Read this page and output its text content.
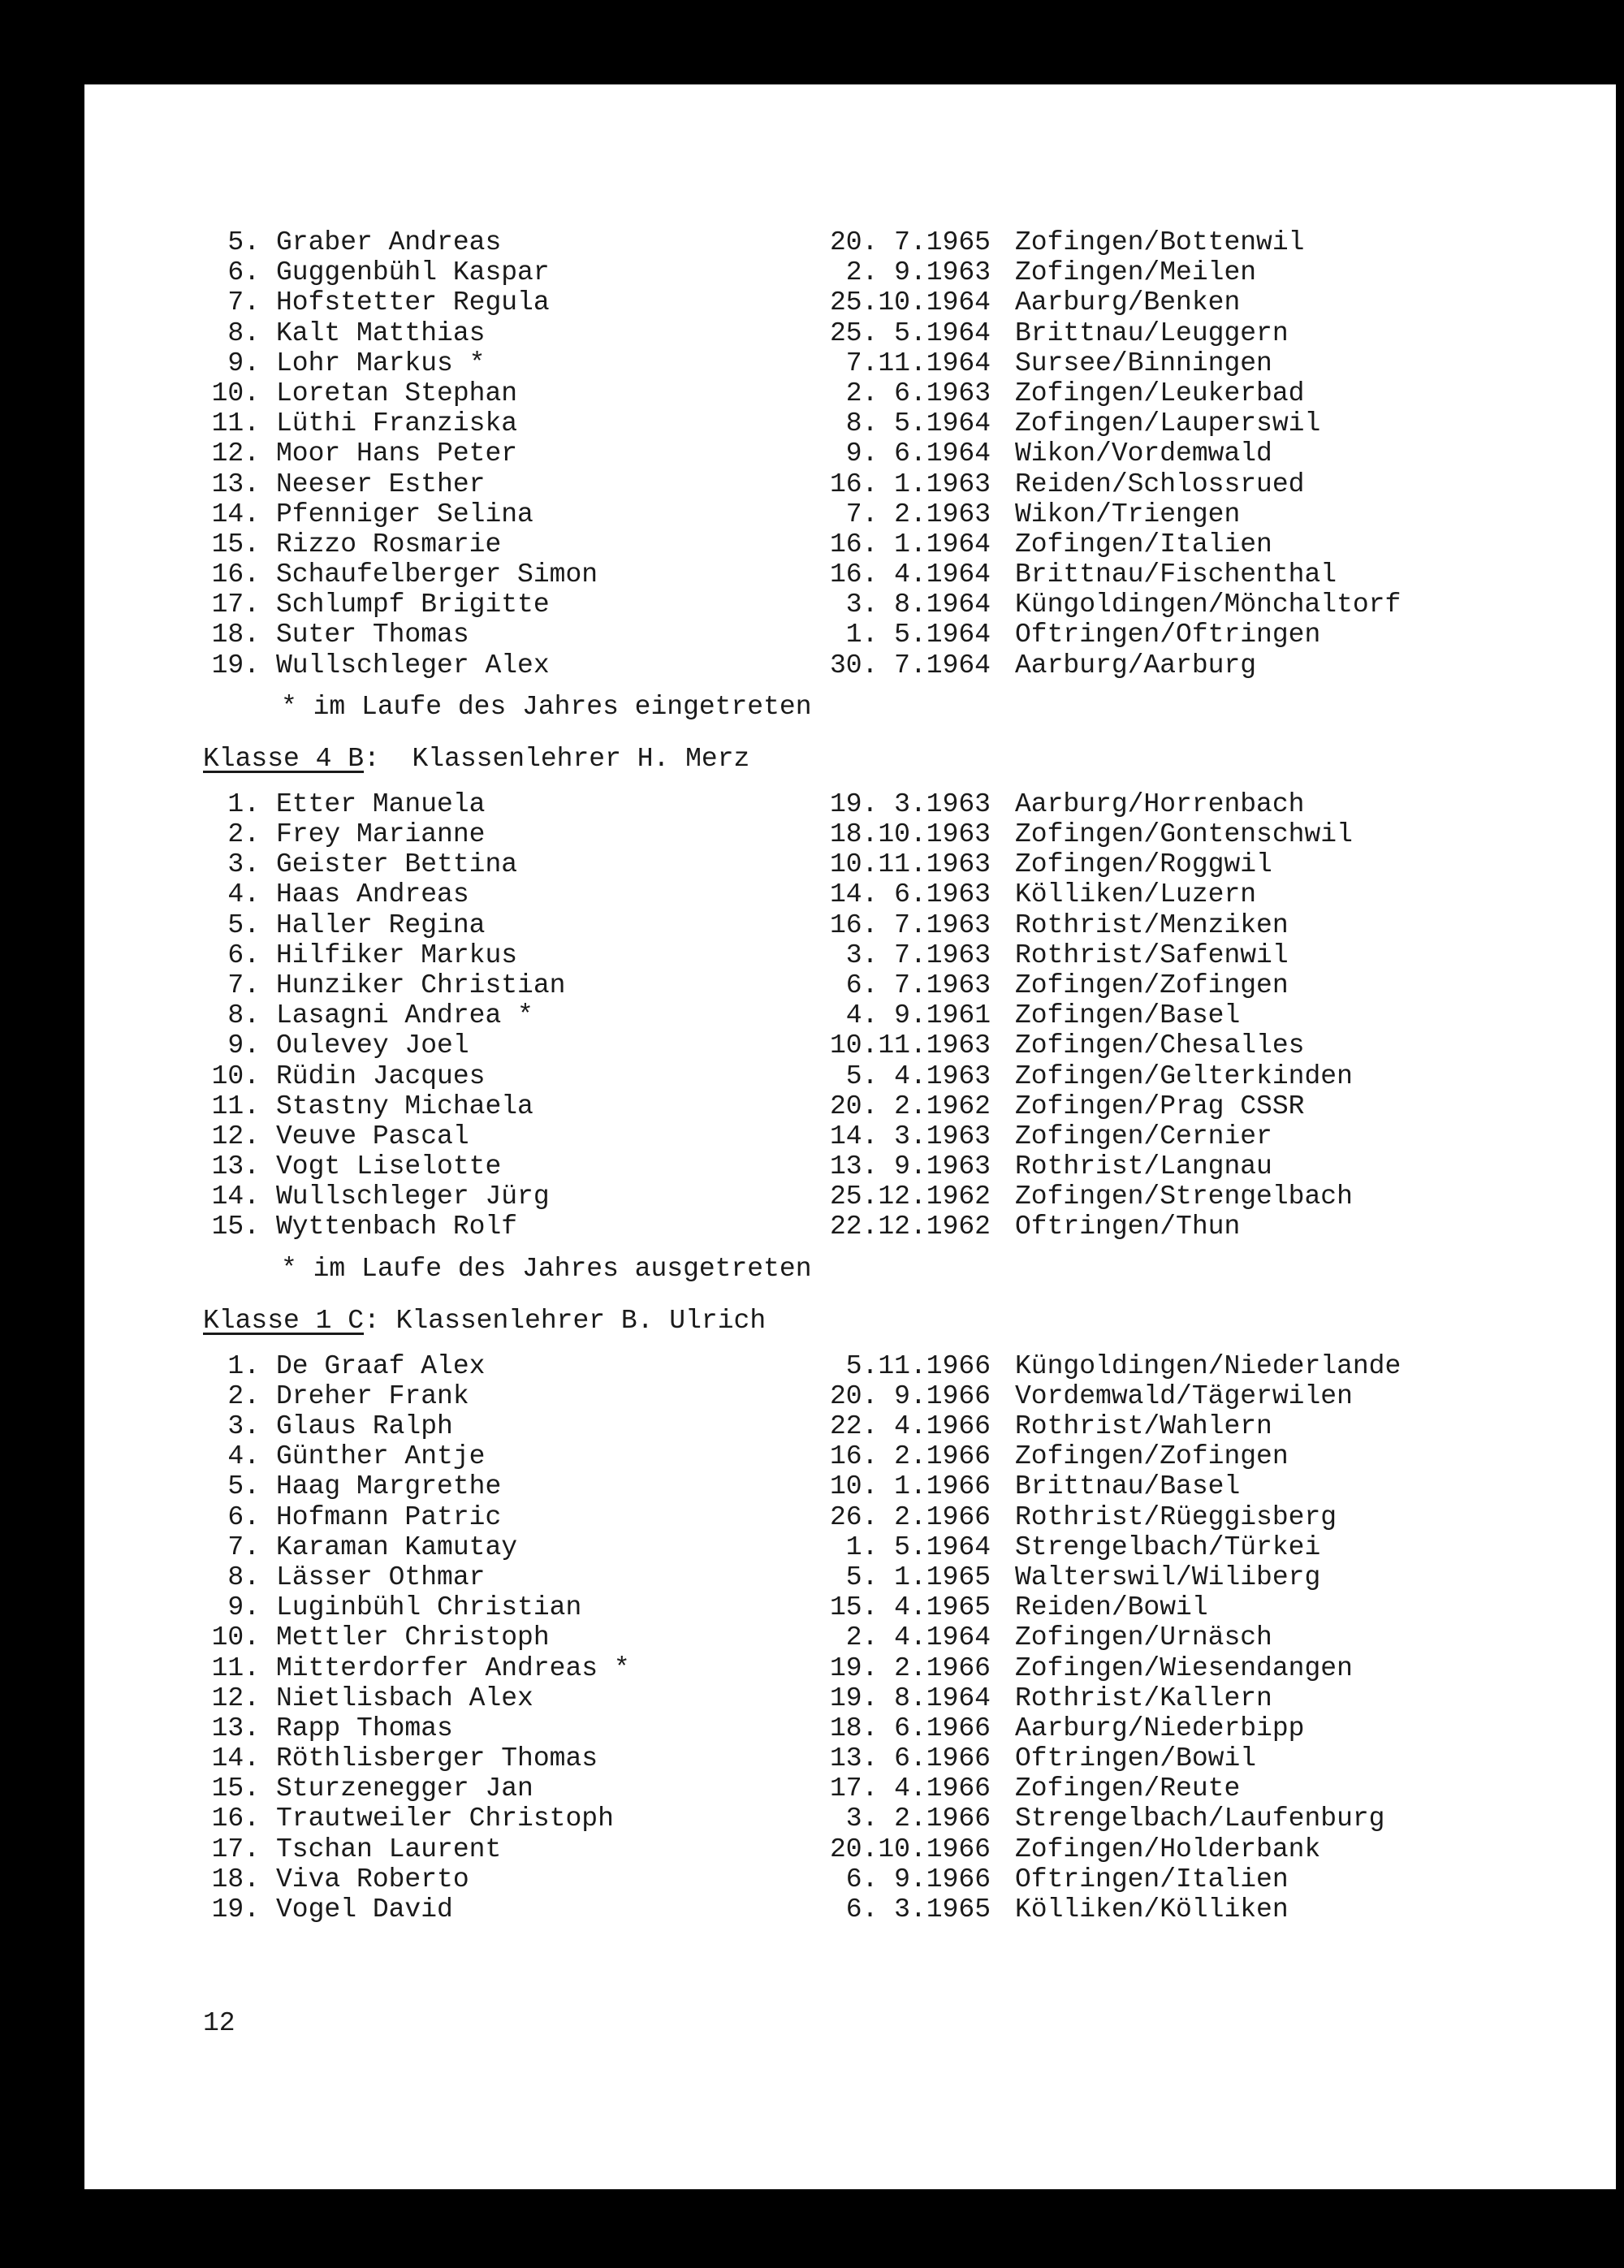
5. Graber Andreas	20. 7.1965 Zofingen/Bottenwil
6. Guggenbühl Kaspar	2. 9.1963 Zofingen/Meilen
7. Hofstetter Regula	25.10.1964 Aarburg/Benken
8. Kalt Matthias	25. 5.1964 Brittnau/Leuggern
9. Lohr Markus *	7.11.1964 Sursee/Binningen
10. Loretan Stephan	2. 6.1963 Zofingen/Leukerbad
11. Lüthi Franziska	8. 5.1964 Zofingen/Lauperswil
12. Moor Hans Peter	9. 6.1964 Wikon/Vordemwald
13. Neeser Esther	16. 1.1963 Reiden/Schlossrued
14. Pfenniger Selina	7. 2.1963 Wikon/Triengen
15. Rizzo Rosmarie	16. 1.1964 Zofingen/Italien
16. Schaufelberger Simon	16. 4.1964 Brittnau/Fischenthal
17. Schlumpf Brigitte	3. 8.1964 Küngoldingen/Mönchaltorf
18. Suter Thomas	1. 5.1964 Oftringen/Oftringen
19. Wullschleger Alex	30. 7.1964 Aarburg/Aarburg
* im Laufe des Jahres eingetreten
Klasse 4 B:  Klassenlehrer H. Merz
1. Etter Manuela	19. 3.1963 Aarburg/Horrenbach
2. Frey Marianne	18.10.1963 Zofingen/Gontenschwil
3. Geister Bettina	10.11.1963 Zofingen/Roggwil
4. Haas Andreas	14. 6.1963 Kölliken/Luzern
5. Haller Regina	16. 7.1963 Rothrist/Menziken
6. Hilfiker Markus	3. 7.1963 Rothrist/Safenwil
7. Hunziker Christian	6. 7.1963 Zofingen/Zofingen
8. Lasagni Andrea *	4. 9.1961 Zofingen/Basel
9. Oulevey Joel	10.11.1963 Zofingen/Chesalles
10. Rüdin Jacques	5. 4.1963 Zofingen/Gelterkinden
11. Stastny Michaela	20. 2.1962 Zofingen/Prag CSSR
12. Veuve Pascal	14. 3.1963 Zofingen/Cernier
13. Vogt Liselotte	13. 9.1963 Rothrist/Langnau
14. Wullschleger Jürg	25.12.1962 Zofingen/Strengelbach
15. Wyttenbach Rolf	22.12.1962 Oftringen/Thun
* im Laufe des Jahres ausgetreten
Klasse 1 C: Klassenlehrer B. Ulrich
1. De Graaf Alex	5.11.1966 Küngoldingen/Niederlande
2. Dreher Frank	20. 9.1966 Vordemwald/Tägerwilen
3. Glaus Ralph	22. 4.1966 Rothrist/Wahlern
4. Günther Antje	16. 2.1966 Zofingen/Zofingen
5. Haag Margrethe	10. 1.1966 Brittnau/Basel
6. Hofmann Patric	26. 2.1966 Rothrist/Rüeggisberg
7. Karaman Kamutay	1. 5.1964 Strengelbach/Türkei
8. Lässer Othmar	5. 1.1965 Walterswil/Wiliberg
9. Luginbühl Christian	15. 4.1965 Reiden/Bowil
10. Mettler Christoph	2. 4.1964 Zofingen/Urnäsch
11. Mitterdorfer Andreas *	19. 2.1966 Zofingen/Wiesendangen
12. Nietlisbach Alex	19. 8.1964 Rothrist/Kallern
13. Rapp Thomas	18. 6.1966 Aarburg/Niederbipp
14. Röthlisberger Thomas	13. 6.1966 Oftringen/Bowil
15. Sturzenegger Jan	17. 4.1966 Zofingen/Reute
16. Trautweiler Christoph	3. 2.1966 Strengelbach/Laufenburg
17. Tschan Laurent	20.10.1966 Zofingen/Holderbank
18. Viva Roberto	6. 9.1966 Oftringen/Italien
19. Vogel David	6. 3.1965 Kölliken/Kölliken
12
